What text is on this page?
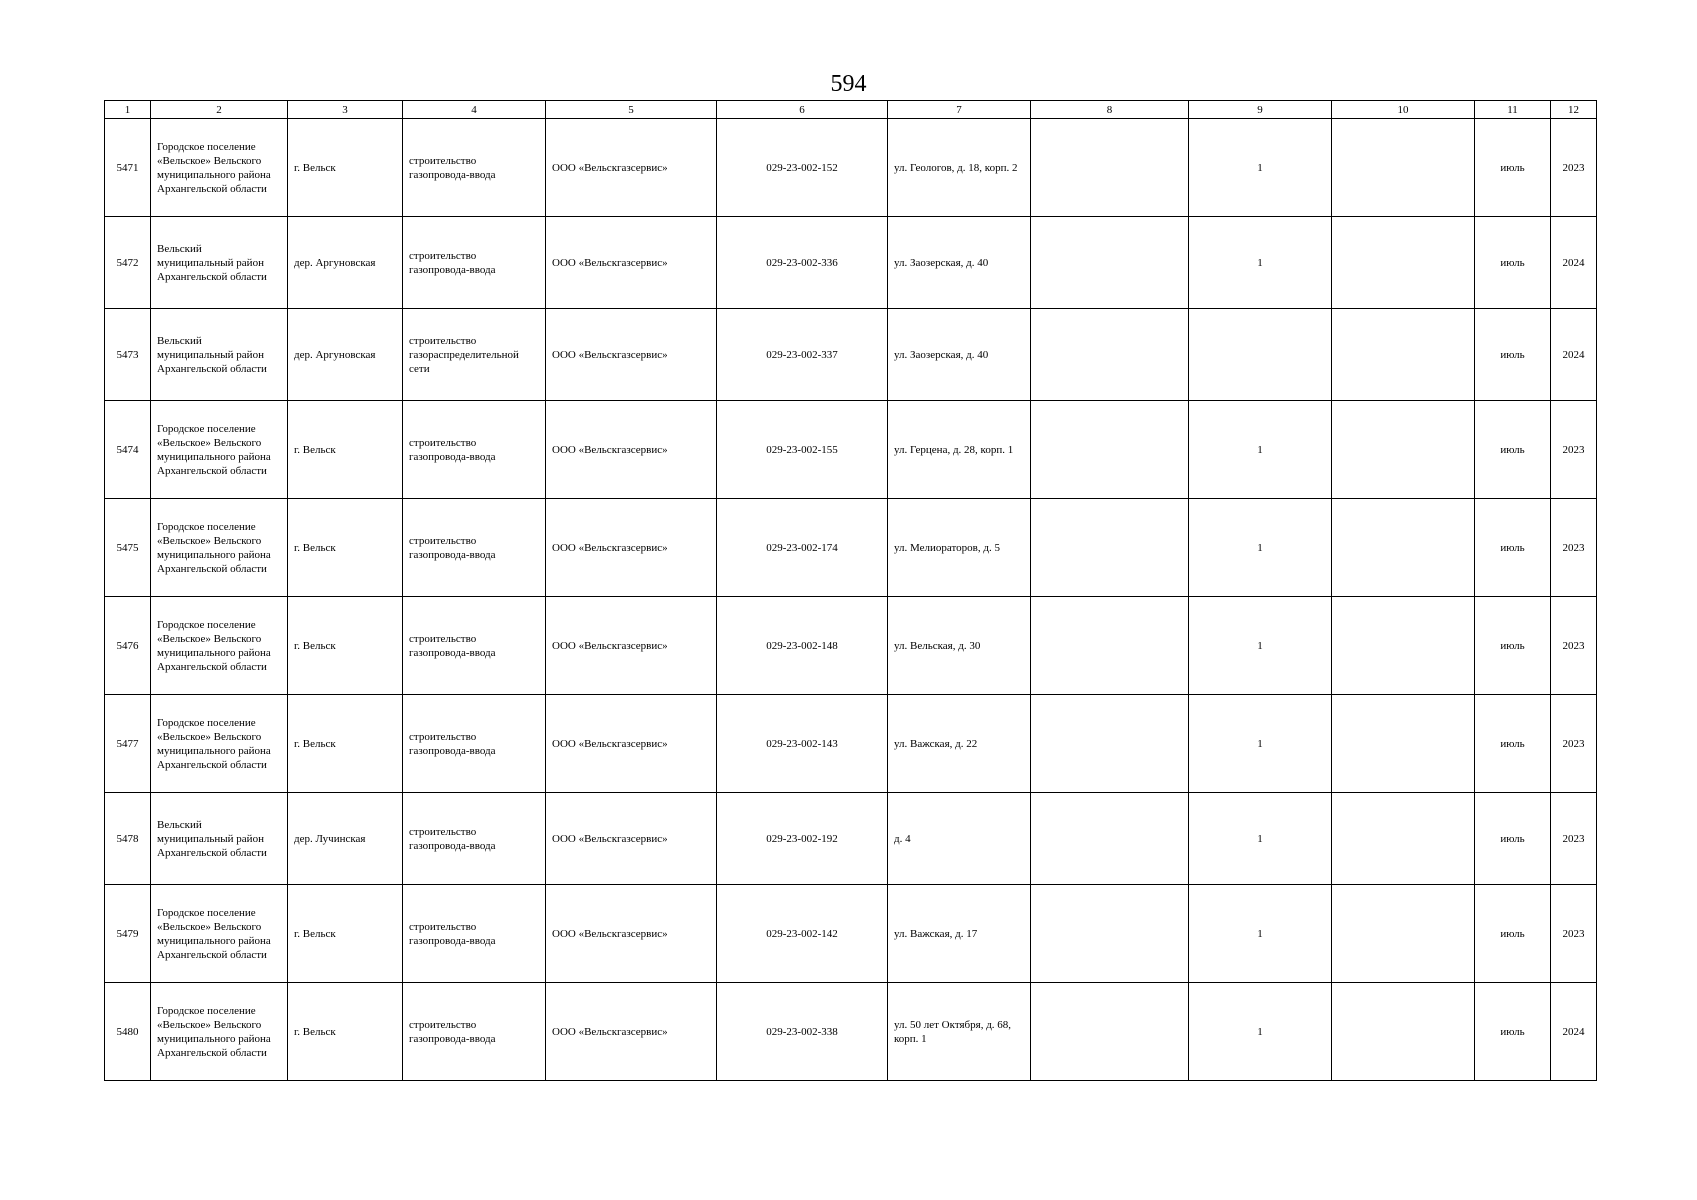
594
1	2	3	4	5	6	7	8	9	10	11	12
5471	Городское поселение «Вельское» Вельского муниципального района Архангельской области	г. Вельск	строительство газопровода-ввода	ООО «Вельскгазсервис»	029-23-002-152	ул. Геологов, д. 18, корп. 2		1		июль	2023
5472	Вельский муниципальный район Архангельской области	дер. Аргуновская	строительство газопровода-ввода	ООО «Вельскгазсервис»	029-23-002-336	ул. Заозерская, д. 40		1		июль	2024
5473	Вельский муниципальный район Архангельской области	дер. Аргуновская	строительство газораспределительной сети	ООО «Вельскгазсервис»	029-23-002-337	ул. Заозерская, д. 40				июль	2024
5474	Городское поселение «Вельское» Вельского муниципального района Архангельской области	г. Вельск	строительство газопровода-ввода	ООО «Вельскгазсервис»	029-23-002-155	ул. Герцена, д. 28, корп. 1		1		июль	2023
5475	Городское поселение «Вельское» Вельского муниципального района Архангельской области	г. Вельск	строительство газопровода-ввода	ООО «Вельскгазсервис»	029-23-002-174	ул. Мелиораторов, д. 5		1		июль	2023
5476	Городское поселение «Вельское» Вельского муниципального района Архангельской области	г. Вельск	строительство газопровода-ввода	ООО «Вельскгазсервис»	029-23-002-148	ул. Вельская, д. 30		1		июль	2023
5477	Городское поселение «Вельское» Вельского муниципального района Архангельской области	г. Вельск	строительство газопровода-ввода	ООО «Вельскгазсервис»	029-23-002-143	ул. Важская, д. 22		1		июль	2023
5478	Вельский муниципальный район Архангельской области	дер. Лучинская	строительство газопровода-ввода	ООО «Вельскгазсервис»	029-23-002-192	д. 4		1		июль	2023
5479	Городское поселение «Вельское» Вельского муниципального района Архангельской области	г. Вельск	строительство газопровода-ввода	ООО «Вельскгазсервис»	029-23-002-142	ул. Важская, д. 17		1		июль	2023
5480	Городское поселение «Вельское» Вельского муниципального района Архангельской области	г. Вельск	строительство газопровода-ввода	ООО «Вельскгазсервис»	029-23-002-338	ул. 50 лет Октября, д. 68, корп. 1		1		июль	2024
